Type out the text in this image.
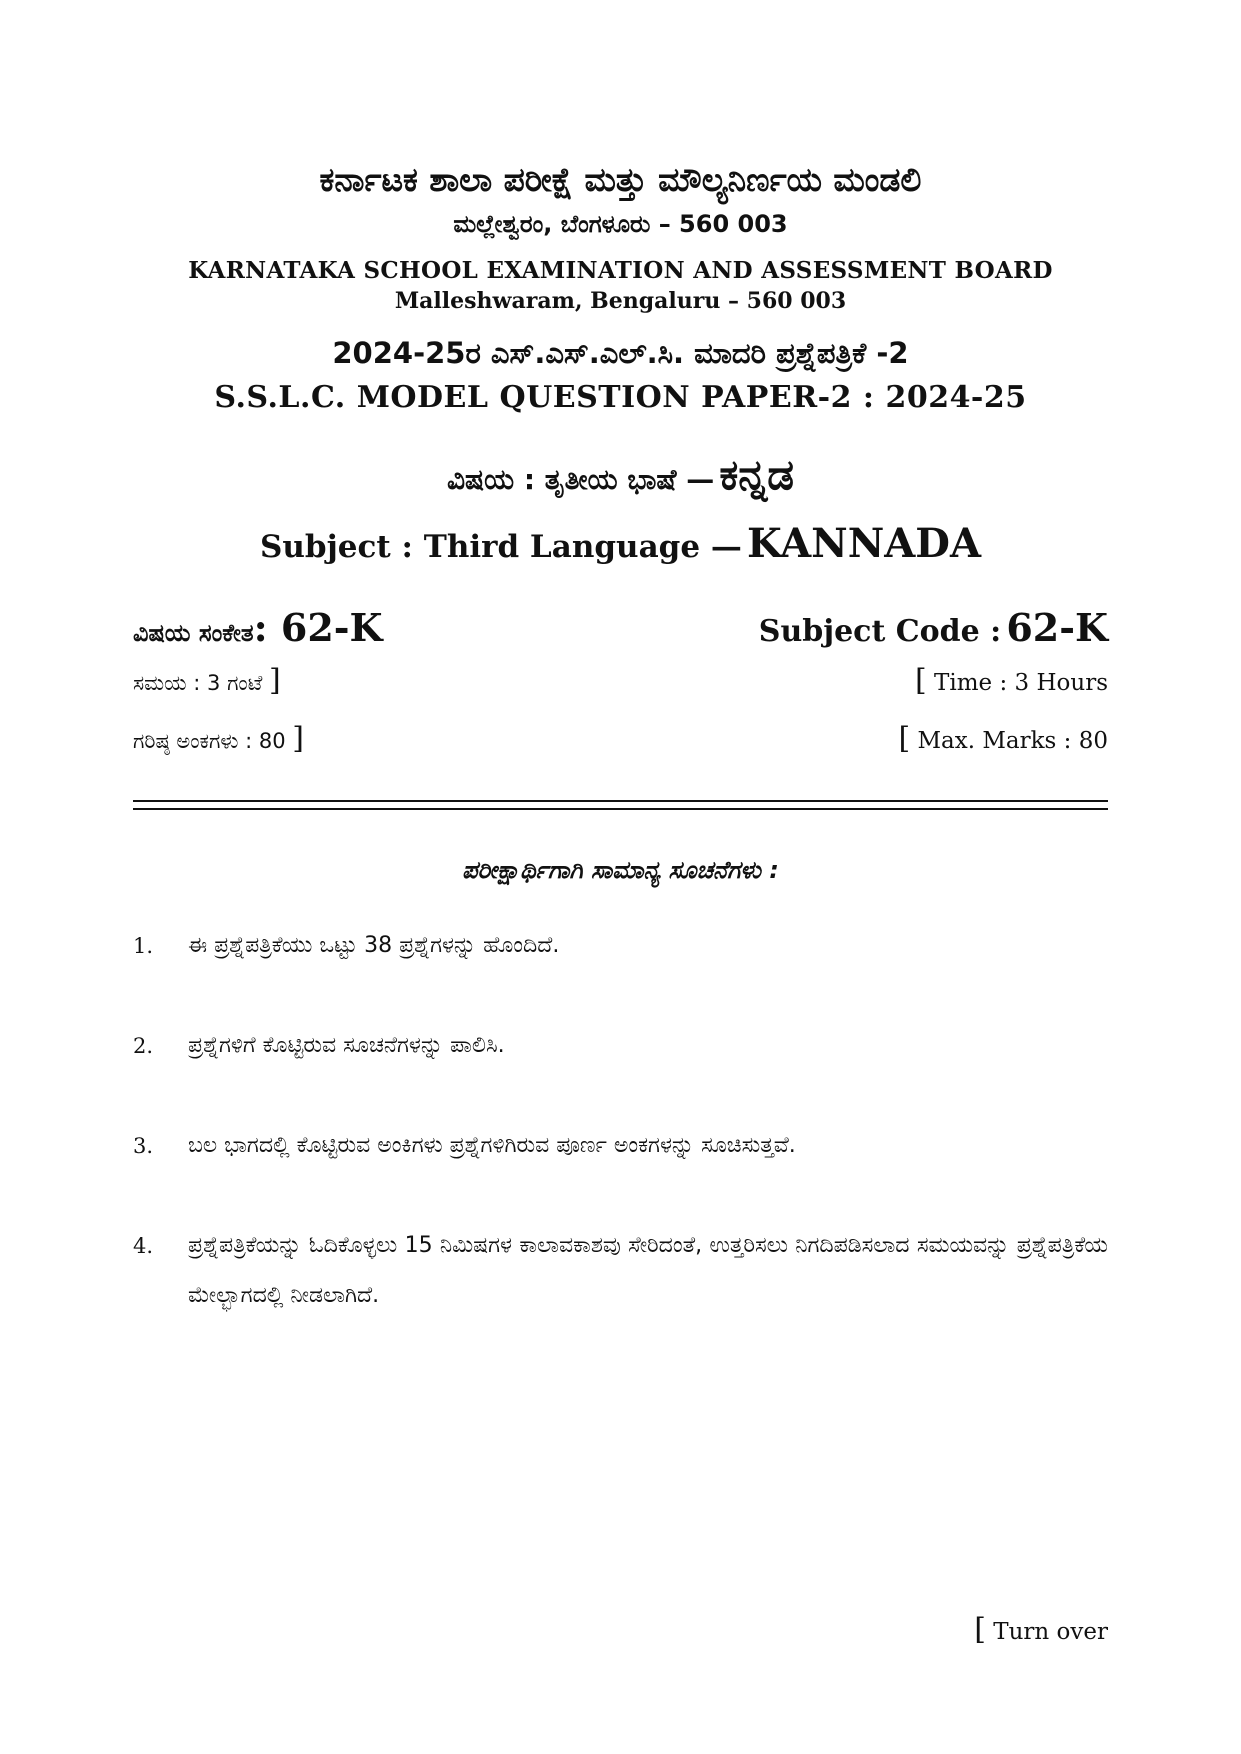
ಕರ್ನಾಟಕ ಶಾಲಾ ಪರೀಕ್ಷೆ ಮತ್ತು ಮೌಲ್ಯನಿರ್ಣಯ ಮಂಡಲಿ
ಮಲ್ಲೇಶ್ವರಂ, ಬೆಂಗಳೂರು – 560 003
KARNATAKA SCHOOL EXAMINATION AND ASSESSMENT BOARD
Malleshwaram, Bengaluru – 560 003
2024-25ರ ಎಸ್.ಎಸ್.ಎಲ್.ಸಿ. ಮಾದರಿ ಪ್ರಶ್ನೆಪತ್ರಿಕೆ -2
S.S.L.C. MODEL QUESTION PAPER-2 : 2024-25
ವಿಷಯ : ತೃತೀಯ ಭಾಷೆ — ಕನ್ನಡ
Subject : Third Language — KANNADA
ವಿಷಯ ಸಂಕೇತ: 62-K	Subject Code : 62-K
ಸಮಯ : 3 ಗಂಟೆ ]	[ Time : 3 Hours
ಗರಿಷ್ಠ ಅಂಕಗಳು : 80 ]	[ Max. Marks : 80
ಪರೀಕ್ಷಾರ್ಥಿಗಾಗಿ ಸಾಮಾನ್ಯ ಸೂಚನೆಗಳು :
1. ಈ ಪ್ರಶ್ನೆಪತ್ರಿಕೆಯು ಒಟ್ಟು 38 ಪ್ರಶ್ನೆಗಳನ್ನು ಹೊಂದಿದೆ.
2. ಪ್ರಶ್ನೆಗಳಿಗೆ ಕೊಟ್ಟಿರುವ ಸೂಚನೆಗಳನ್ನು ಪಾಲಿಸಿ.
3. ಬಲ ಭಾಗದಲ್ಲಿ ಕೊಟ್ಟಿರುವ ಅಂಕಿಗಳು ಪ್ರಶ್ನೆಗಳಿಗಿರುವ ಪೂರ್ಣ ಅಂಕಗಳನ್ನು ಸೂಚಿಸುತ್ತವೆ.
4. ಪ್ರಶ್ನೆಪತ್ರಿಕೆಯನ್ನು ಓದಿಕೊಳ್ಳಲು 15 ನಿಮಿಷಗಳ ಕಾಲಾವಕಾಶವು ಸೇರಿದಂತೆ, ಉತ್ತರಿಸಲು ನಿಗದಿಪಡಿಸಲಾದ ಸಮಯವನ್ನು ಪ್ರಶ್ನೆಪತ್ರಿಕೆಯ ಮೇಲ್ಭಾಗದಲ್ಲಿ ನೀಡಲಾಗಿದೆ.
[ Turn over
